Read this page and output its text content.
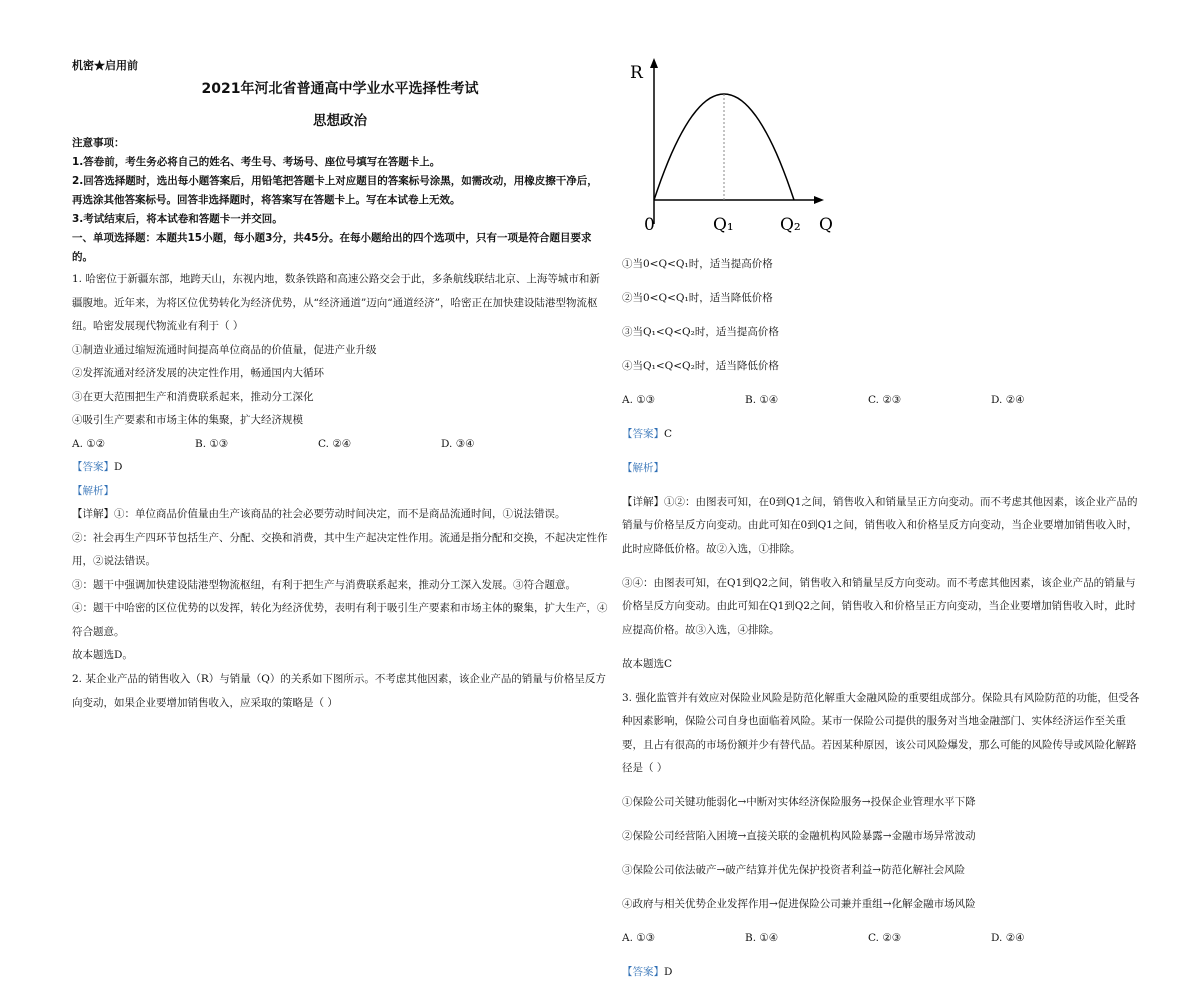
机密★启用前
2021年河北省普通高中学业水平选择性考试
思想政治

注意事项：

1.答卷前，考生务必将自己的姓名、考生号、考场号、座位号填写在答题卡上。

2.回答选择题时，选出每小题答案后，用铅笔把答题卡上对应题目的答案标号涂黑，如需改动，用橡皮擦干净后，再选涂其他答案标号。回答非选择题时，将答案写在答题卡上。写在本试卷上无效。

3.考试结束后，将本试卷和答题卡一并交回。

一、单项选择题：本题共15小题，每小题3分，共45分。在每小题给出的四个选项中，只有一项是符合题目要求的。

1. 哈密位于新疆东部，地跨天山，东视内地，数条铁路和高速公路交会于此，多条航线联结北京、上海等城市和新疆腹地。近年来，为将区位优势转化为经济优势，从“经济通道”迈向“通道经济”，哈密正在加快建设陆港型物流枢纽。哈密发展现代物流业有利于（ ）

①制造业通过缩短流通时间提高单位商品的价值量，促进产业升级

②发挥流通对经济发展的决定性作用，畅通国内大循环

③在更大范围把生产和消费联系起来，推动分工深化

④吸引生产要素和市场主体的集聚，扩大经济规模

A. ①②	B. ①③	C. ②④	D. ③④

【答案】D

【解析】

【详解】①：单位商品价值量由生产该商品的社会必要劳动时间决定，而不是商品流通时间，①说法错误。

②：社会再生产四环节包括生产、分配、交换和消费，其中生产起决定性作用。流通是指分配和交换，不起决定性作用，②说法错误。

③：题干中强调加快建设陆港型物流枢纽，有利于把生产与消费联系起来，推动分工深入发展。③符合题意。

④：题干中哈密的区位优势的以发挥，转化为经济优势，表明有利于吸引生产要素和市场主体的聚集，扩大生产，④符合题意。

故本题选D。

2. 某企业产品的销售收入（R）与销量（Q）的关系如下图所示。不考虑其他因素，该企业产品的销量与价格呈反方向变动，如果企业要增加销售收入，应采取的策略是（ ）

R
0	Q₁	Q₂ Q

①当0<Q<Q₁时，适当提高价格

②当0<Q<Q₁时，适当降低价格

③当Q₁<Q<Q₂时，适当提高价格

④当Q₁<Q<Q₂时，适当降低价格

A. ①③	B. ①④	C. ②③	D. ②④

【答案】C

【解析】

【详解】①②：由图表可知，在0到Q1之间，销售收入和销量呈正方向变动。而不考虑其他因素，该企业产品的销量与价格呈反方向变动。由此可知在0到Q1之间，销售收入和价格呈反方向变动，当企业要增加销售收入时，此时应降低价格。故②入选，①排除。

③④：由图表可知，在Q1到Q2之间，销售收入和销量呈反方向变动。而不考虑其他因素，该企业产品的销量与价格呈反方向变动。由此可知在Q1到Q2之间，销售收入和价格呈正方向变动，当企业要增加销售收入时，此时应提高价格。故③入选，④排除。

故本题选C

3. 强化监管并有效应对保险业风险是防范化解重大金融风险的重要组成部分。保险具有风险防范的功能，但受各种因素影响，保险公司自身也面临着风险。某市一保险公司提供的服务对当地金融部门、实体经济运作至关重要，且占有很高的市场份额并少有替代品。若因某种原因，该公司风险爆发，那么可能的风险传导或风险化解路径是（ ）

①保险公司关键功能弱化→中断对实体经济保险服务→投保企业管理水平下降

②保险公司经营陷入困境→直接关联的金融机构风险暴露→金融市场异常波动

③保险公司依法破产→破产结算并优先保护投资者利益→防范化解社会风险

④政府与相关优势企业发挥作用→促进保险公司兼并重组→化解金融市场风险

A. ①③	B. ①④	C. ②③	D. ②④

【答案】D
